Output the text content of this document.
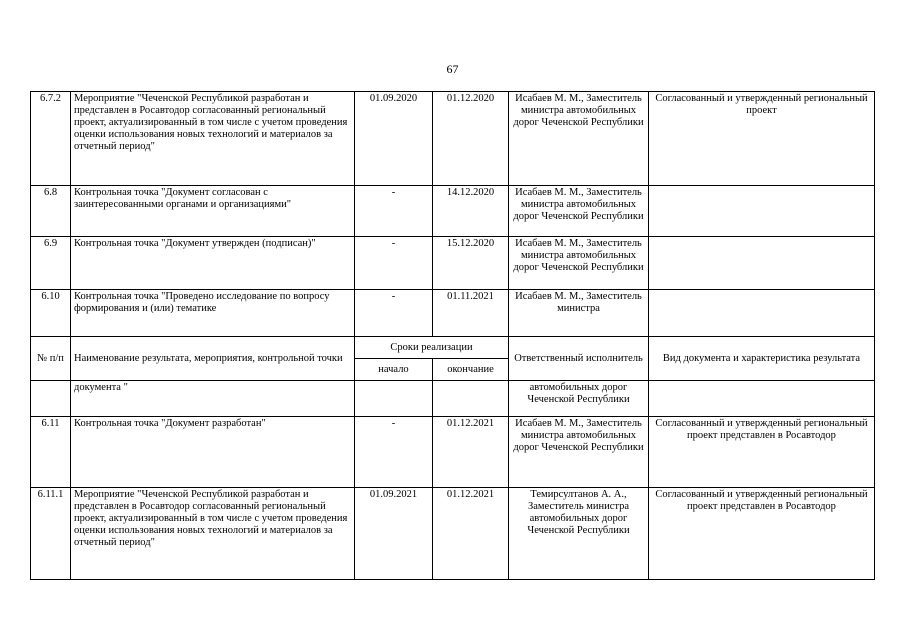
67
6.7.2	Мероприятие "Чеченской Республикой разработан и представлен в Росавтодор согласованный региональный проект, актуализированный в том числе с учетом проведения оценки использования новых технологий и материалов за отчетный период"	01.09.2020	01.12.2020	Исабаев М. М., Заместитель министра автомобильных дорог Чеченской Республики	Согласованный и утвержденный региональный проект
6.8	Контрольная точка "Документ согласован с заинтересованными органами и организациями"	-	14.12.2020	Исабаев М. М., Заместитель министра автомобильных дорог Чеченской Республики	
6.9	Контрольная точка "Документ утвержден (подписан)"	-	15.12.2020	Исабаев М. М., Заместитель министра автомобильных дорог Чеченской Республики	
6.10	Контрольная точка "Проведено исследование по вопросу формирования и (или) тематике	-	01.11.2021	Исабаев М. М., Заместитель министра	
№ п/п	Наименование результата, мероприятия, контрольной точки	Сроки реализации		Ответственный исполнитель	Вид документа и характеристика результата
		начало	окончание		
	документа "			автомобильных дорог Чеченской Республики	
6.11	Контрольная точка "Документ разработан"	-	01.12.2021	Исабаев М. М., Заместитель министра автомобильных дорог Чеченской Республики	Согласованный и утвержденный региональный проект представлен в Росавтодор
6.11.1	Мероприятие "Чеченской Республикой разработан и представлен в Росавтодор согласованный региональный проект, актуализированный в том числе с учетом проведения оценки использования новых технологий и материалов за отчетный период"	01.09.2021	01.12.2021	Темирсултанов А. А., Заместитель министра автомобильных дорог Чеченской Республики	Согласованный и утвержденный региональный проект представлен в Росавтодор
